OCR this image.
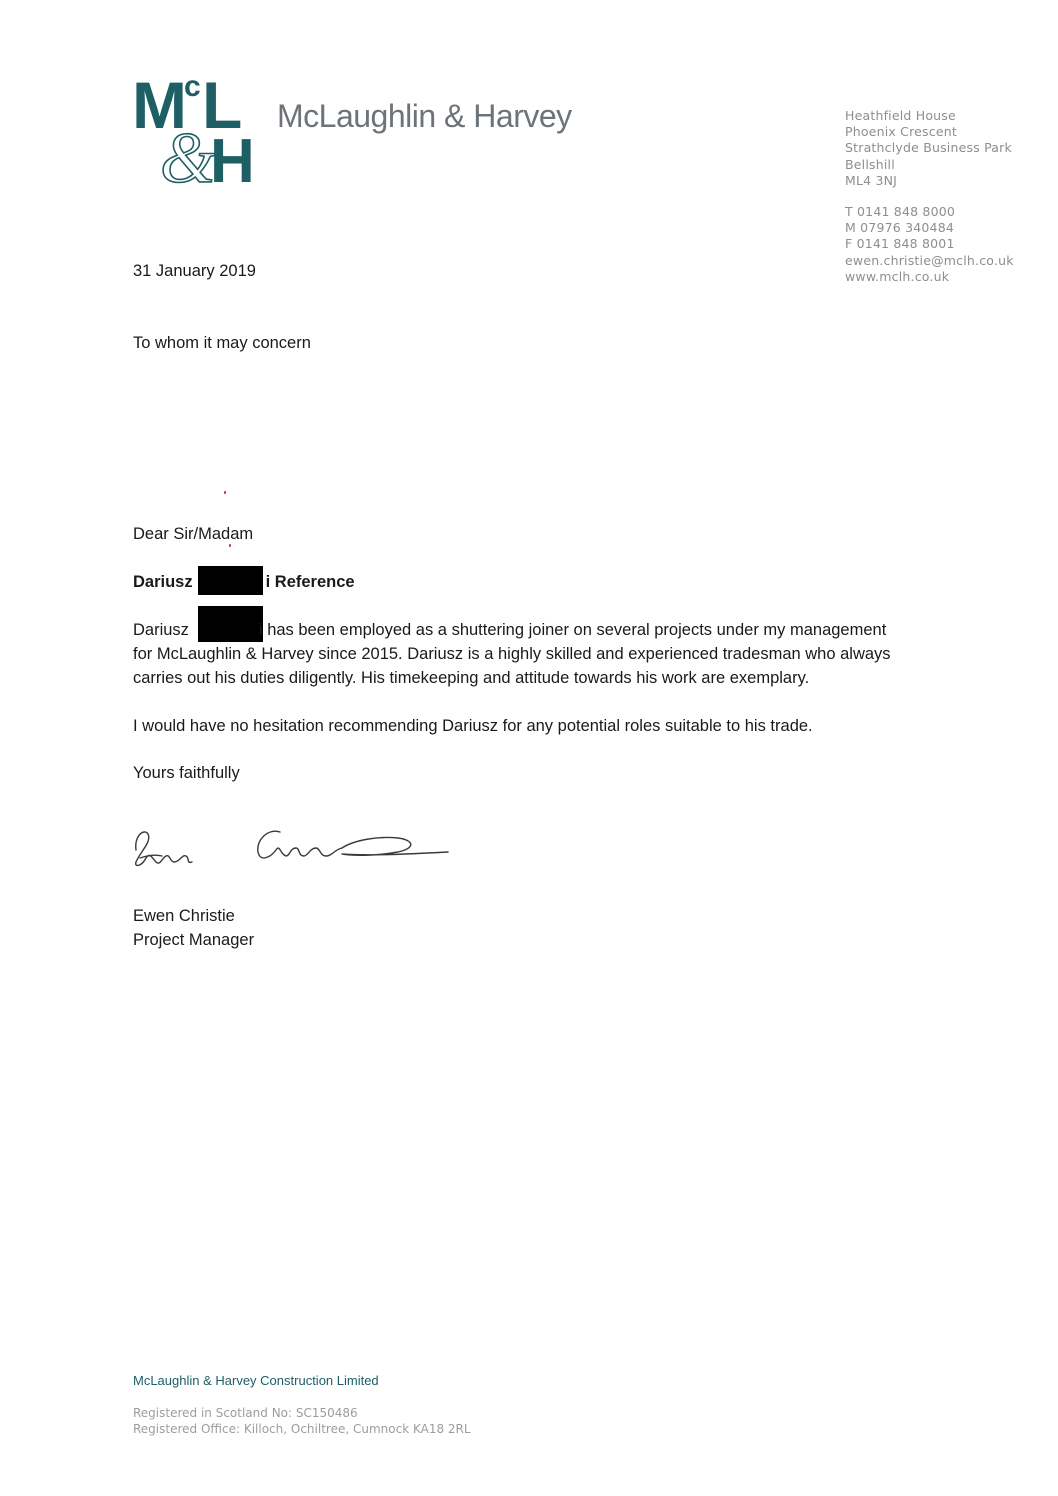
M c L
&
H
McLaughlin & Harvey	Heathfield House
Phoenix Crescent
Strathclyde Business Park
Bellshill
ML4 3NJ
T 0141 848 8000
M 07976 340484
F 0141 848 8001
ewen.christie@mclh.co.uk
www.mclh.co.uk
31 January 2019
To whom it may concern
Dear Sir/Madam
Dariusz	i Reference
Dariusz	i has been employed as a shuttering joiner on several projects under my management
for McLaughlin & Harvey since 2015. Dariusz is a highly skilled and experienced tradesman who always
carries out his duties diligently. His timekeeping and attitude towards his work are exemplary.
I would have no hesitation recommending Dariusz for any potential roles suitable to his trade.
Yours faithfully
Ewen Christie
Project Manager
McLaughlin & Harvey Construction Limited
Registered in Scotland No: SC150486
Registered Office: Killoch, Ochiltree, Cumnock KA18 2RL
